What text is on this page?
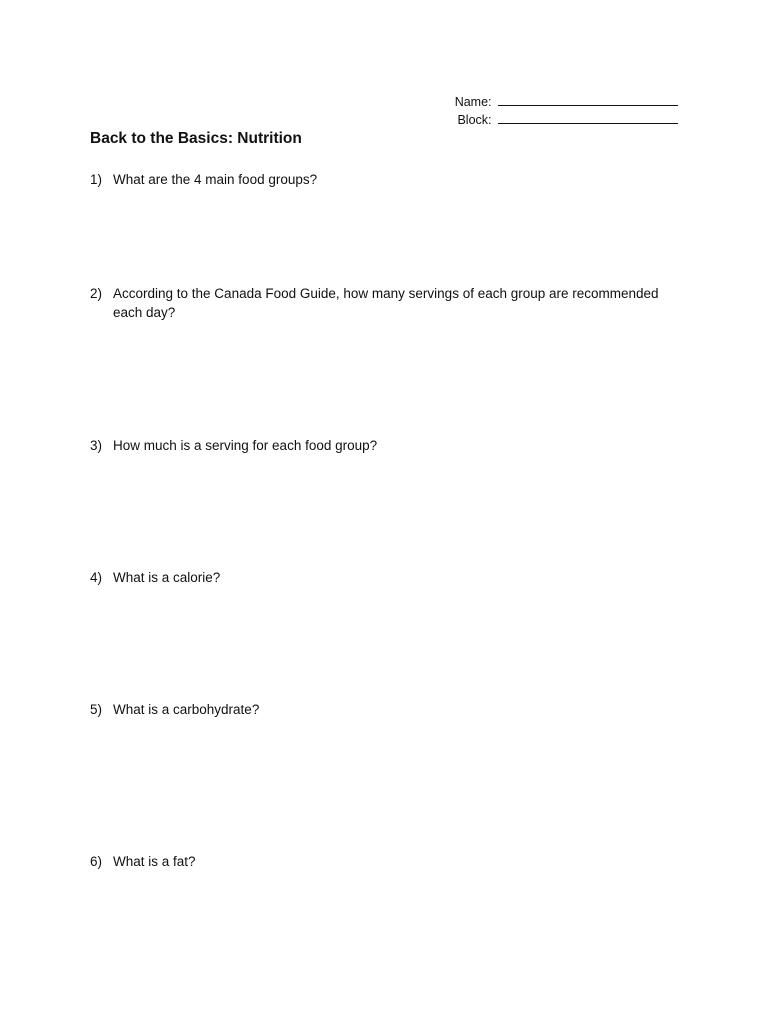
Name:
Block:
Back to the Basics: Nutrition
1) What are the 4 main food groups?
2) According to the Canada Food Guide, how many servings of each group are recommended each day?
3) How much is a serving for each food group?
4) What is a calorie?
5) What is a carbohydrate?
6) What is a fat?
